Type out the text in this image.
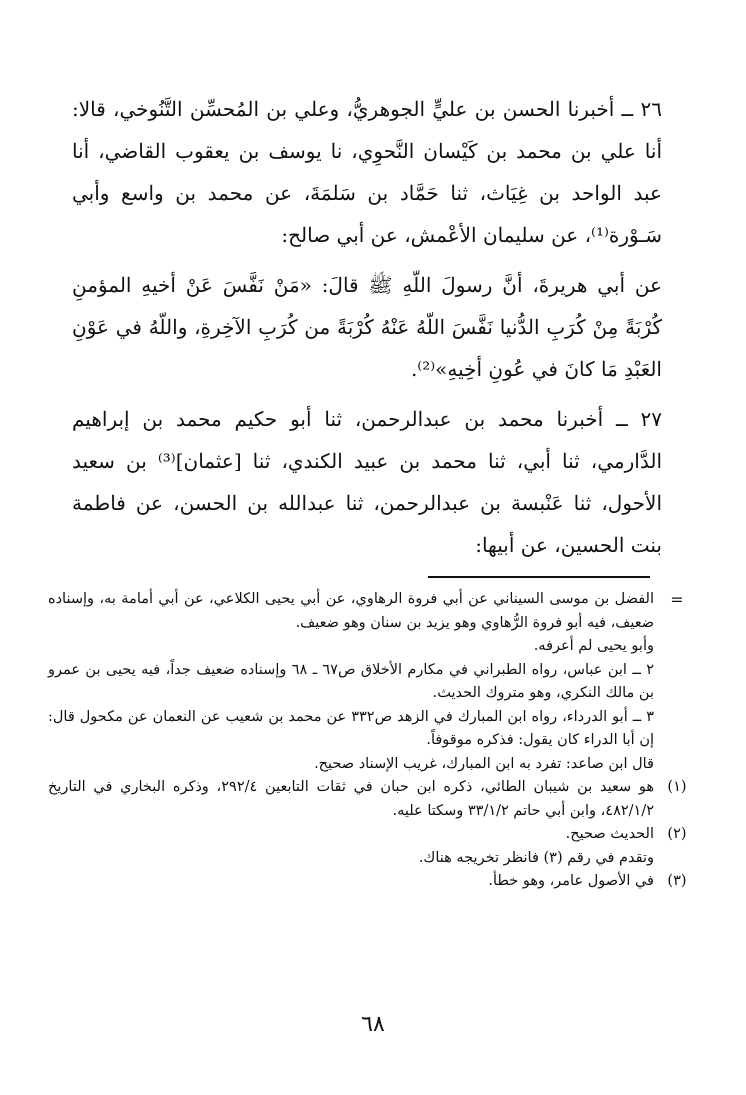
٢٦ ــ أخبرنا الحسن بن عليٍّ الجوهريُّ، وعلي بن المُحسِّن التَّنُوخي، قالا: أنا علي بن محمد بن كَيْسان النَّحوِي، نا يوسف بن يعقوب القاضي، أنا عبد الواحد بن غِيَاث، ثنا حَمَّاد بن سَلمَةَ، عن محمد بن واسع وأبي سَـوْرة⁽¹⁾، عن سليمان الأعْمش، عن أبي صالح:

عن أبي هريرةَ، أنَّ رسولَ اللّهِ ﷺ قالَ: «مَنْ نَفَّسَ عَنْ أخيهِ المؤمنِ كُرْبَةً مِنْ كُرَبِ الدُّنيا نَفَّسَ اللّهُ عَنْهُ كُرْبَةً من كُرَبِ الآخِرةِ، واللّهُ في عَوْنِ العَبْدِ مَا كانَ في عُونِ أخِيهِ»⁽²⁾.

٢٧ ــ أخبرنا محمد بن عبدالرحمن، ثنا أبو حكيم محمد بن إبراهيم الدَّارمي، ثنا أبي، ثنا محمد بن عبيد الكندي، ثنا [عثمان]⁽³⁾ بن سعيد الأحول، ثنا عَنْبسة بن عبدالرحمن، ثنا عبدالله بن الحسن، عن فاطمة بنت الحسين، عن أبيها:

=
الفضل بن موسى السيناني عن أبي فروة الرهاوي، عن أبي يحيى الكلاعي، عن أبي أمامة به، وإسناده ضعيف، فيه أبو فروة الرُّهاوي وهو يزيد بن سنان وهو ضعيف.
وأبو يحيى لم أعرفه.
٢ ــ ابن عباس، رواه الطبراني في مكارم الأخلاق ص٦٧ ـ ٦٨ وإسناده ضعيف جداً، فيه يحيى بن عمرو بن مالك النكري، وهو متروك الحديث.
٣ ــ أبو الدرداء، رواه ابن المبارك في الزهد ص٣٣٢ عن محمد بن شعيب عن النعمان عن مكحول قال: إن أبا الدراء كان يقول: فذكره موقوفاً.
قال ابن صاعد: تفرد به ابن المبارك، غريب الإسناد صحيح.
(١)
هو سعيد بن شيبان الطائي، ذكره ابن حبان في ثقات التابعين ٢٩٢/٤، وذكره البخاري في التاريخ ٤٨٢/١/٢، وابن أبي حاتم ٣٣/١/٢ وسكتا عليه.
(٢)
الحديث صحيح.
وتقدم في رقم (٣) فانظر تخريجه هناك.
(٣)
في الأصول عامر، وهو خطأ.
٦٨
